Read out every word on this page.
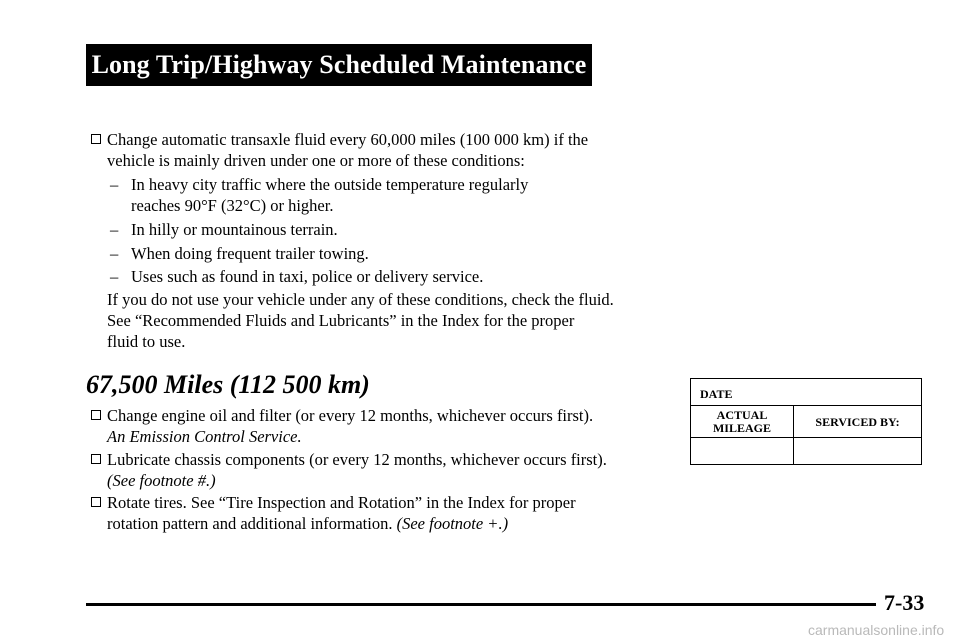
Long Trip/Highway Scheduled Maintenance
Change automatic transaxle fluid every 60,000 miles (100 000 km) if the
vehicle is mainly driven under one or more of these conditions:
– In heavy city traffic where the outside temperature regularly
reaches 90°F (32°C) or higher.
– In hilly or mountainous terrain.
– When doing frequent trailer towing.
– Uses such as found in taxi, police or delivery service.
If you do not use your vehicle under any of these conditions, check the fluid.
See “Recommended Fluids and Lubricants” in the Index for the proper
fluid to use.
67,500 Miles (112 500 km)
Change engine oil and filter (or every 12 months, whichever occurs first).
An Emission Control Service.
Lubricate chassis components (or every 12 months, whichever occurs first).
(See footnote #.)
Rotate tires. See “Tire Inspection and Rotation” in the Index for proper
rotation pattern and additional information. (See footnote +.)
DATE
ACTUAL
MILEAGE	SERVICED BY:
7-33
carmanualsonline.info
